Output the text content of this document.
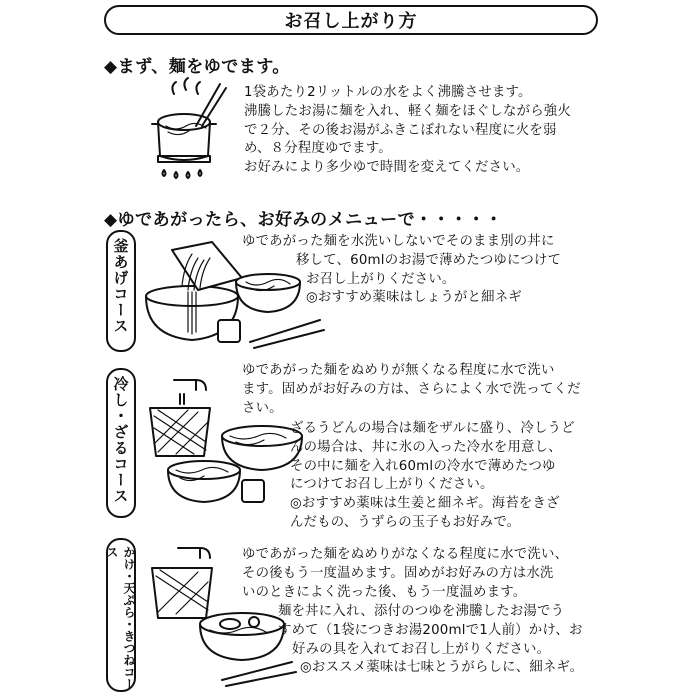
お召し上がり方
◆まず、麺をゆでます。
1袋あたり2リットルの水をよく沸騰させます。
沸騰したお湯に麺を入れ、軽く麺をほぐしながら強火
で２分、その後お湯がふきこぼれない程度に火を弱
め、８分程度ゆでます。
お好みにより多少ゆで時間を変えてください。
◆ゆであがったら、お好みのメニューで・・・・・
釜あげコース	ゆであがった麺を水洗いしないでそのまま別の丼に
移して、60mlのお湯で薄めたつゆにつけて
お召し上がりください。
◎おすすめ薬味はしょうがと細ネギ
冷し・ざるコース
ゆであがった麺をぬめりが無くなる程度に水で洗い
ます。固めがお好みの方は、さらによく水で洗ってくだ
さい。
ざるうどんの場合は麺をザルに盛り、冷しうど
んの場合は、丼に氷の入った冷水を用意し、
その中に麺を入れ60mlの冷水で薄めたつゆ
につけてお召し上がりください。
◎おすすめ薬味は生姜と細ネギ。海苔をきざ
んだもの、うずらの玉子もお好みで。
かけ・天ぷら・きつねコース	ゆであがった麺をぬめりがなくなる程度に水で洗い、
その後もう一度温めます。固めがお好みの方は水洗
いのときによく洗った後、もう一度温めます。
麺を丼に入れ、添付のつゆを沸騰したお湯でう
すめて（1袋につきお湯200mlで1人前）かけ、お
好みの具を入れてお召し上がりください。
◎おススメ薬味は七味とうがらしに、細ネギ。
